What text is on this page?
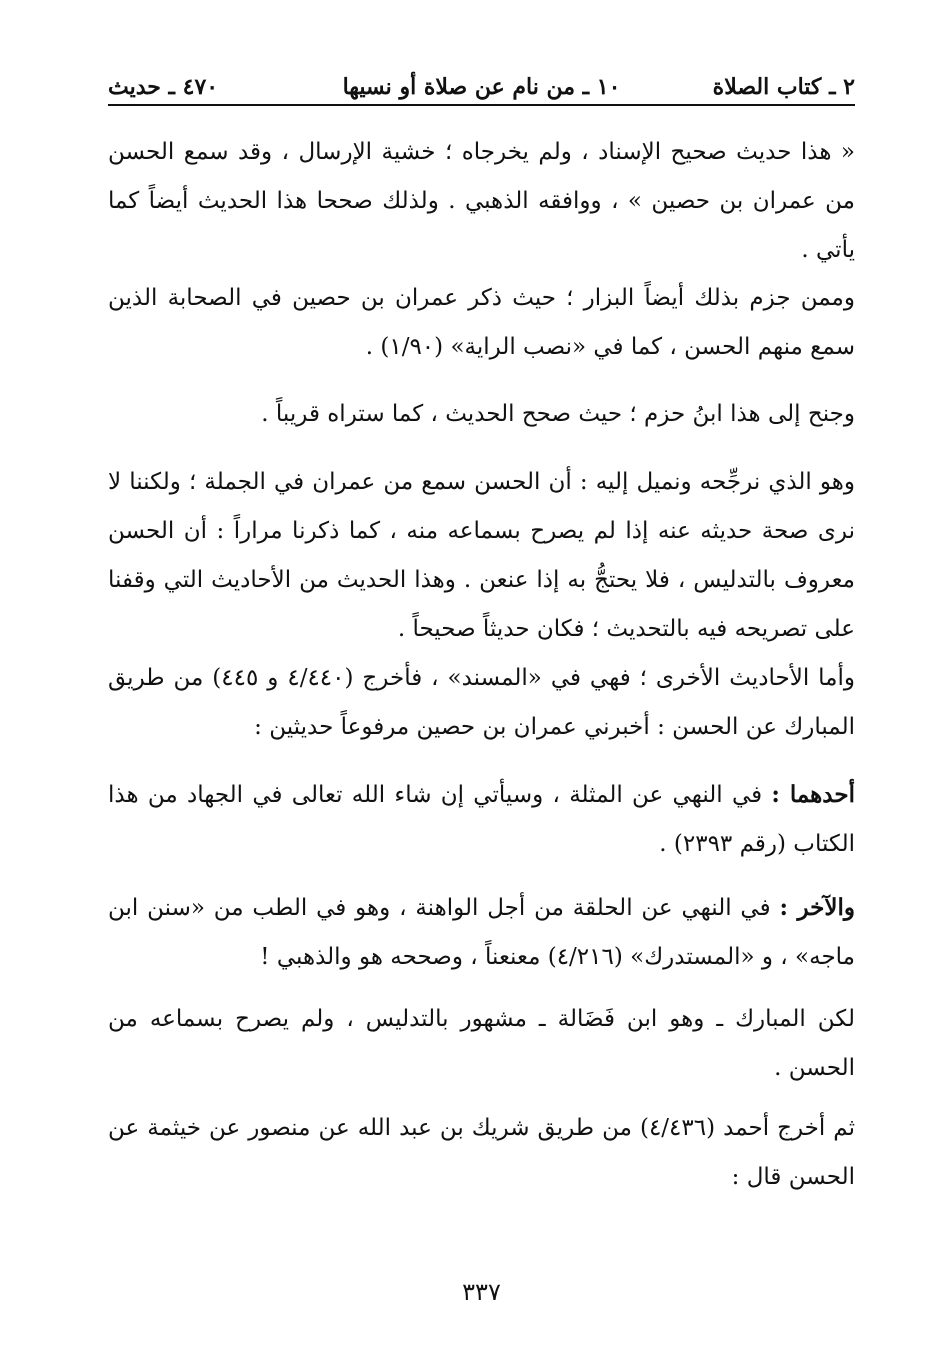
٢ ـ كتاب الصلاة
١٠ ـ من نام عن صلاة أو نسيها
٤٧٠ ـ حديث

« هذا حديث صحيح الإسناد ، ولم يخرجاه ؛ خشية الإرسال ، وقد سمع الحسن من عمران بن حصين » ، ووافقه الذهبي . ولذلك صححا هذا الحديث أيضاً كما يأتي .

وممن جزم بذلك أيضاً البزار ؛ حيث ذكر عمران بن حصين في الصحابة الذين سمع منهم الحسن ، كما في «نصب الراية» (١/٩٠) .

وجنح إلى هذا ابنُ حزم ؛ حيث صحح الحديث ، كما ستراه قريباً .

وهو الذي نرجِّحه ونميل إليه : أن الحسن سمع من عمران في الجملة ؛ ولكننا لا نرى صحة حديثه عنه إذا لم يصرح بسماعه منه ، كما ذكرنا مراراً : أن الحسن معروف بالتدليس ، فلا يحتجُّ به إذا عنعن . وهذا الحديث من الأحاديث التي وقفنا على تصريحه فيه بالتحديث ؛ فكان حديثاً صحيحاً .

وأما الأحاديث الأخرى ؛ فهي في «المسند» ، فأخرج (٤/٤٤٠ و ٤٤٥) من طريق المبارك عن الحسن : أخبرني عمران بن حصين مرفوعاً حديثين :

أحدهما : في النهي عن المثلة ، وسيأتي إن شاء الله تعالى في الجهاد من هذا الكتاب (رقم ٢٣٩٣) .

والآخر : في النهي عن الحلقة من أجل الواهنة ، وهو في الطب من «سنن ابن ماجه» ، و «المستدرك» (٤/٢١٦) معنعناً ، وصححه هو والذهبي !

لكن المبارك ـ وهو ابن فَضَالة ـ مشهور بالتدليس ، ولم يصرح بسماعه من الحسن .

ثم أخرج أحمد (٤/٤٣٦) من طريق شريك بن عبد الله عن منصور عن خيثمة عن الحسن قال :

٣٣٧
